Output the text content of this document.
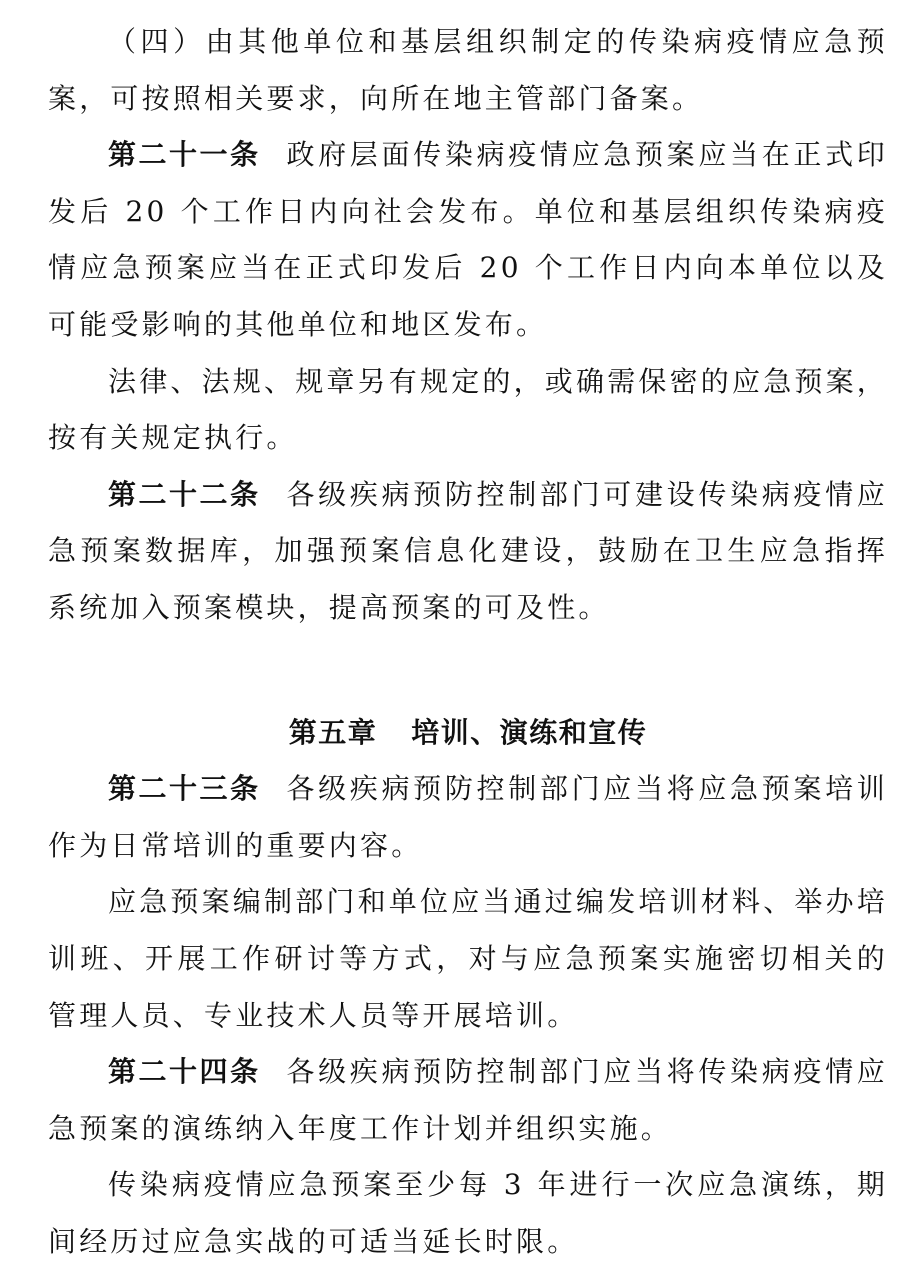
（四）由其他单位和基层组织制定的传染病疫情应急预案，可按照相关要求，向所在地主管部门备案。

第二十一条 政府层面传染病疫情应急预案应当在正式印发后 20 个工作日内向社会发布。单位和基层组织传染病疫情应急预案应当在正式印发后 20 个工作日内向本单位以及可能受影响的其他单位和地区发布。

法律、法规、规章另有规定的，或确需保密的应急预案，按有关规定执行。

第二十二条 各级疾病预防控制部门可建设传染病疫情应急预案数据库，加强预案信息化建设，鼓励在卫生应急指挥系统加入预案模块，提高预案的可及性。

第五章 培训、演练和宣传

第二十三条 各级疾病预防控制部门应当将应急预案培训作为日常培训的重要内容。

应急预案编制部门和单位应当通过编发培训材料、举办培训班、开展工作研讨等方式，对与应急预案实施密切相关的管理人员、专业技术人员等开展培训。

第二十四条 各级疾病预防控制部门应当将传染病疫情应急预案的演练纳入年度工作计划并组织实施。

传染病疫情应急预案至少每 3 年进行一次应急演练，期间经历过应急实战的可适当延长时限。
